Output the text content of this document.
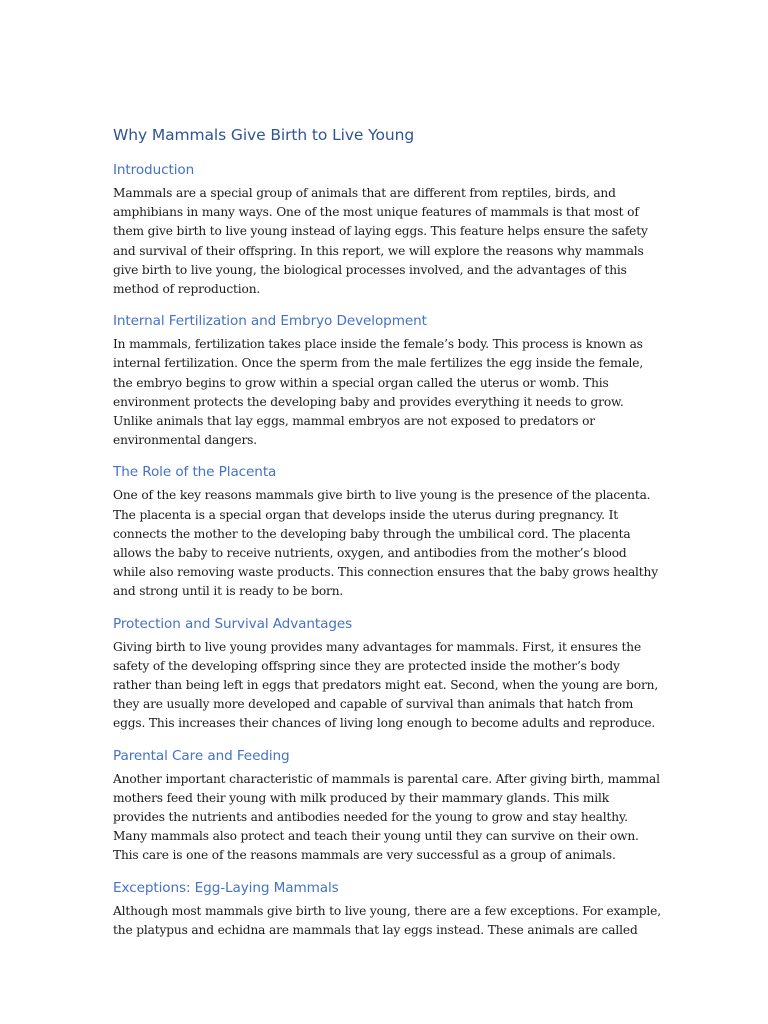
Why Mammals Give Birth to Live Young
Introduction

Mammals are a special group of animals that are different from reptiles, birds, and amphibians in many ways. One of the most unique features of mammals is that most of them give birth to live young instead of laying eggs. This feature helps ensure the safety and survival of their offspring. In this report, we will explore the reasons why mammals give birth to live young, the biological processes involved, and the advantages of this method of reproduction.

Internal Fertilization and Embryo Development

In mammals, fertilization takes place inside the female’s body. This process is known as internal fertilization. Once the sperm from the male fertilizes the egg inside the female, the embryo begins to grow within a special organ called the uterus or womb. This environment protects the developing baby and provides everything it needs to grow. Unlike animals that lay eggs, mammal embryos are not exposed to predators or environmental dangers.

The Role of the Placenta

One of the key reasons mammals give birth to live young is the presence of the placenta. The placenta is a special organ that develops inside the uterus during pregnancy. It connects the mother to the developing baby through the umbilical cord. The placenta allows the baby to receive nutrients, oxygen, and antibodies from the mother’s blood while also removing waste products. This connection ensures that the baby grows healthy and strong until it is ready to be born.

Protection and Survival Advantages

Giving birth to live young provides many advantages for mammals. First, it ensures the safety of the developing offspring since they are protected inside the mother’s body rather than being left in eggs that predators might eat. Second, when the young are born, they are usually more developed and capable of survival than animals that hatch from eggs. This increases their chances of living long enough to become adults and reproduce.

Parental Care and Feeding

Another important characteristic of mammals is parental care. After giving birth, mammal mothers feed their young with milk produced by their mammary glands. This milk provides the nutrients and antibodies needed for the young to grow and stay healthy. Many mammals also protect and teach their young until they can survive on their own. This care is one of the reasons mammals are very successful as a group of animals.

Exceptions: Egg-Laying Mammals

Although most mammals give birth to live young, there are a few exceptions. For example, the platypus and echidna are mammals that lay eggs instead. These animals are called
